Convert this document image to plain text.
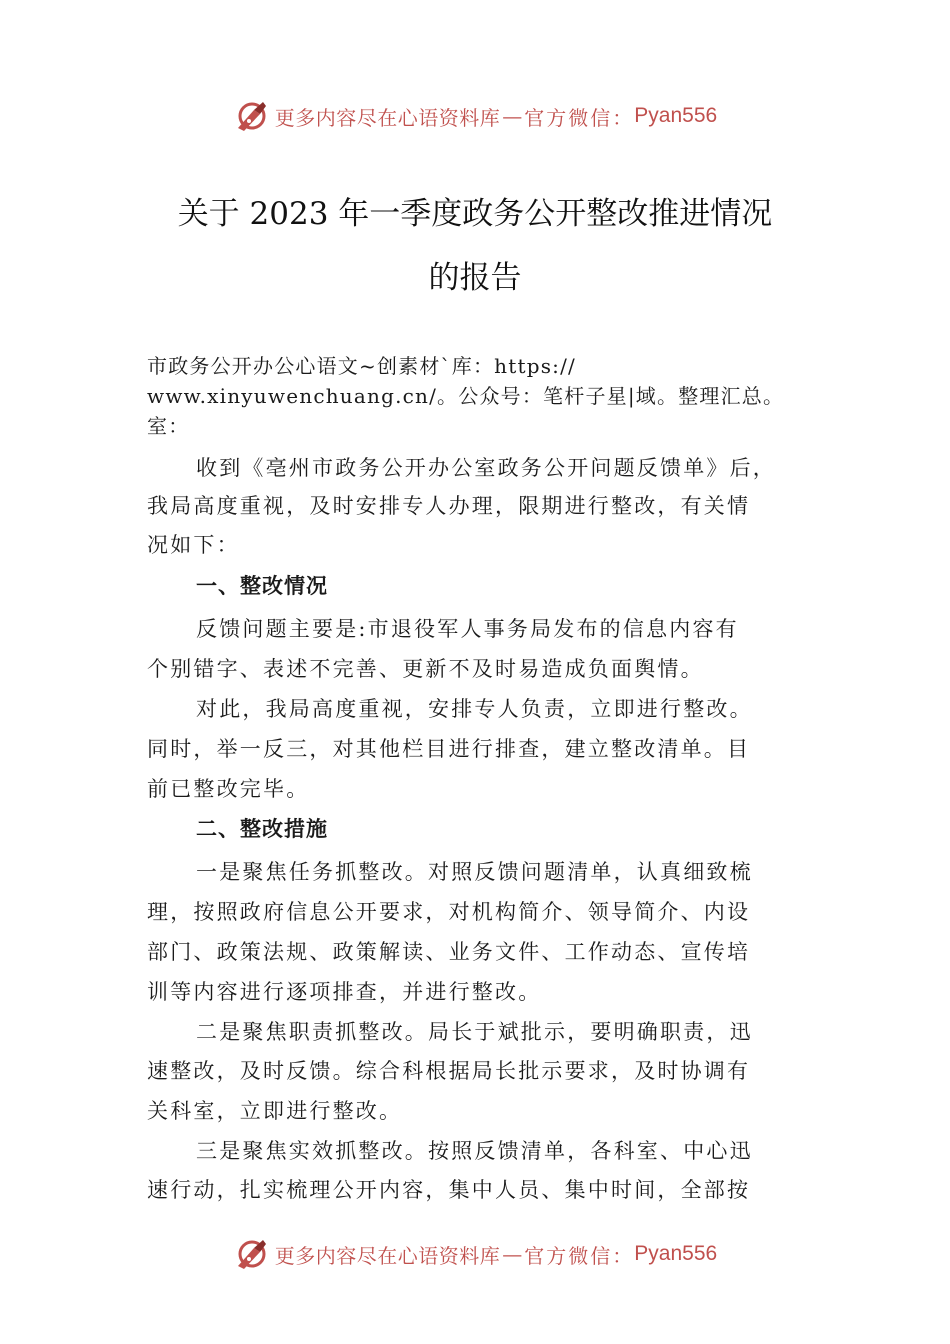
更多内容尽在心语资料库 — 官方微信： Pyan556
关于 2023 年一季度政务公开整改推进情况
的报告
市政务公开办公心语文~创素材`库：https://
www.xinyuwenchuang.cn/。公众号：笔杆子星|域。整理汇总。
室：
收到《亳州市政务公开办公室政务公开问题反馈单》后，
我局高度重视，及时安排专人办理，限期进行整改，有关情
况如下：
一、整改情况
反馈问题主要是:市退役军人事务局发布的信息内容有
个别错字、表述不完善、更新不及时易造成负面舆情。
对此，我局高度重视，安排专人负责，立即进行整改。
同时，举一反三，对其他栏目进行排查，建立整改清单。目
前已整改完毕。
二、整改措施
一是聚焦任务抓整改。对照反馈问题清单，认真细致梳
理，按照政府信息公开要求，对机构简介、领导简介、内设
部门、政策法规、政策解读、业务文件、工作动态、宣传培
训等内容进行逐项排查，并进行整改。
二是聚焦职责抓整改。局长于斌批示，要明确职责，迅
速整改，及时反馈。综合科根据局长批示要求，及时协调有
关科室，立即进行整改。
三是聚焦实效抓整改。按照反馈清单，各科室、中心迅
速行动，扎实梳理公开内容，集中人员、集中时间，全部按
更多内容尽在心语资料库 — 官方微信： Pyan556
